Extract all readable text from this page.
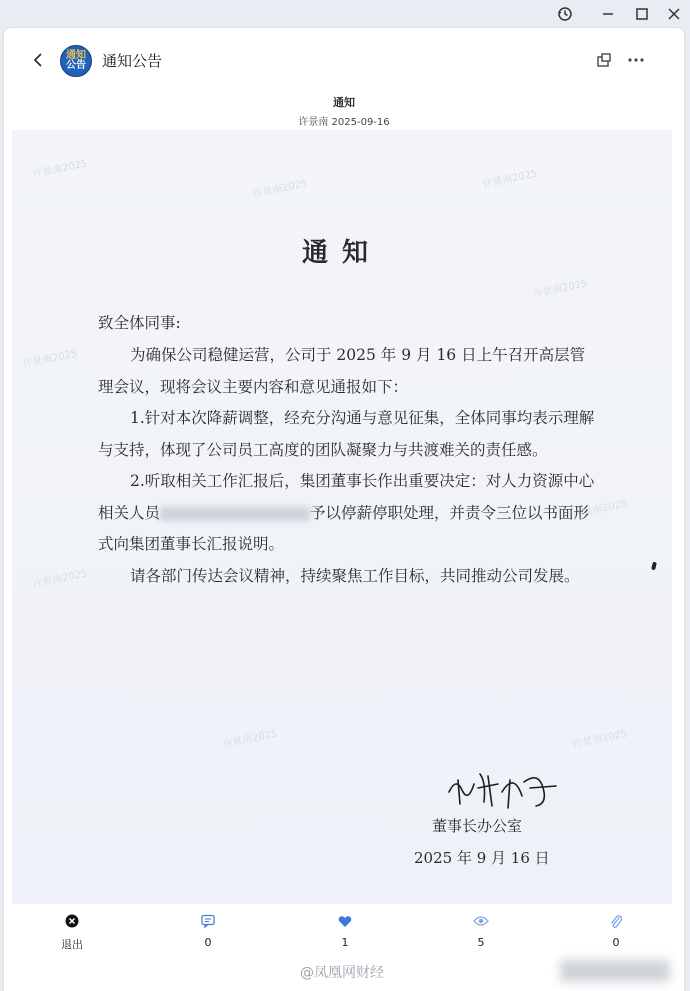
通知
公告 通知公告
通知
许景南 2025-09-16
许景南2025
许景南2025	许景南2025
许景南2025
许景南2025
许景南2025
许景南2025
许景南2025	许景南2025
通知
致全体同事:

为确保公司稳健运营，公司于 2025 年 9 月 16 日上午召开高层管理会议，现将会议主要内容和意见通报如下：

1.针对本次降薪调整，经充分沟通与意见征集，全体同事均表示理解与支持，体现了公司员工高度的团队凝聚力与共渡难关的责任感。

2.听取相关工作汇报后，集团董事长作出重要决定：对人力资源中心相关人员	予以停薪停职处理，并责令三位以书面形式向集团董事长汇报说明。

请各部门传达会议精神，持续聚焦工作目标，共同推动公司发展。

董事长办公室
2025 年 9 月 16 日
退出	0	1	5	0
@凤凰网财经
